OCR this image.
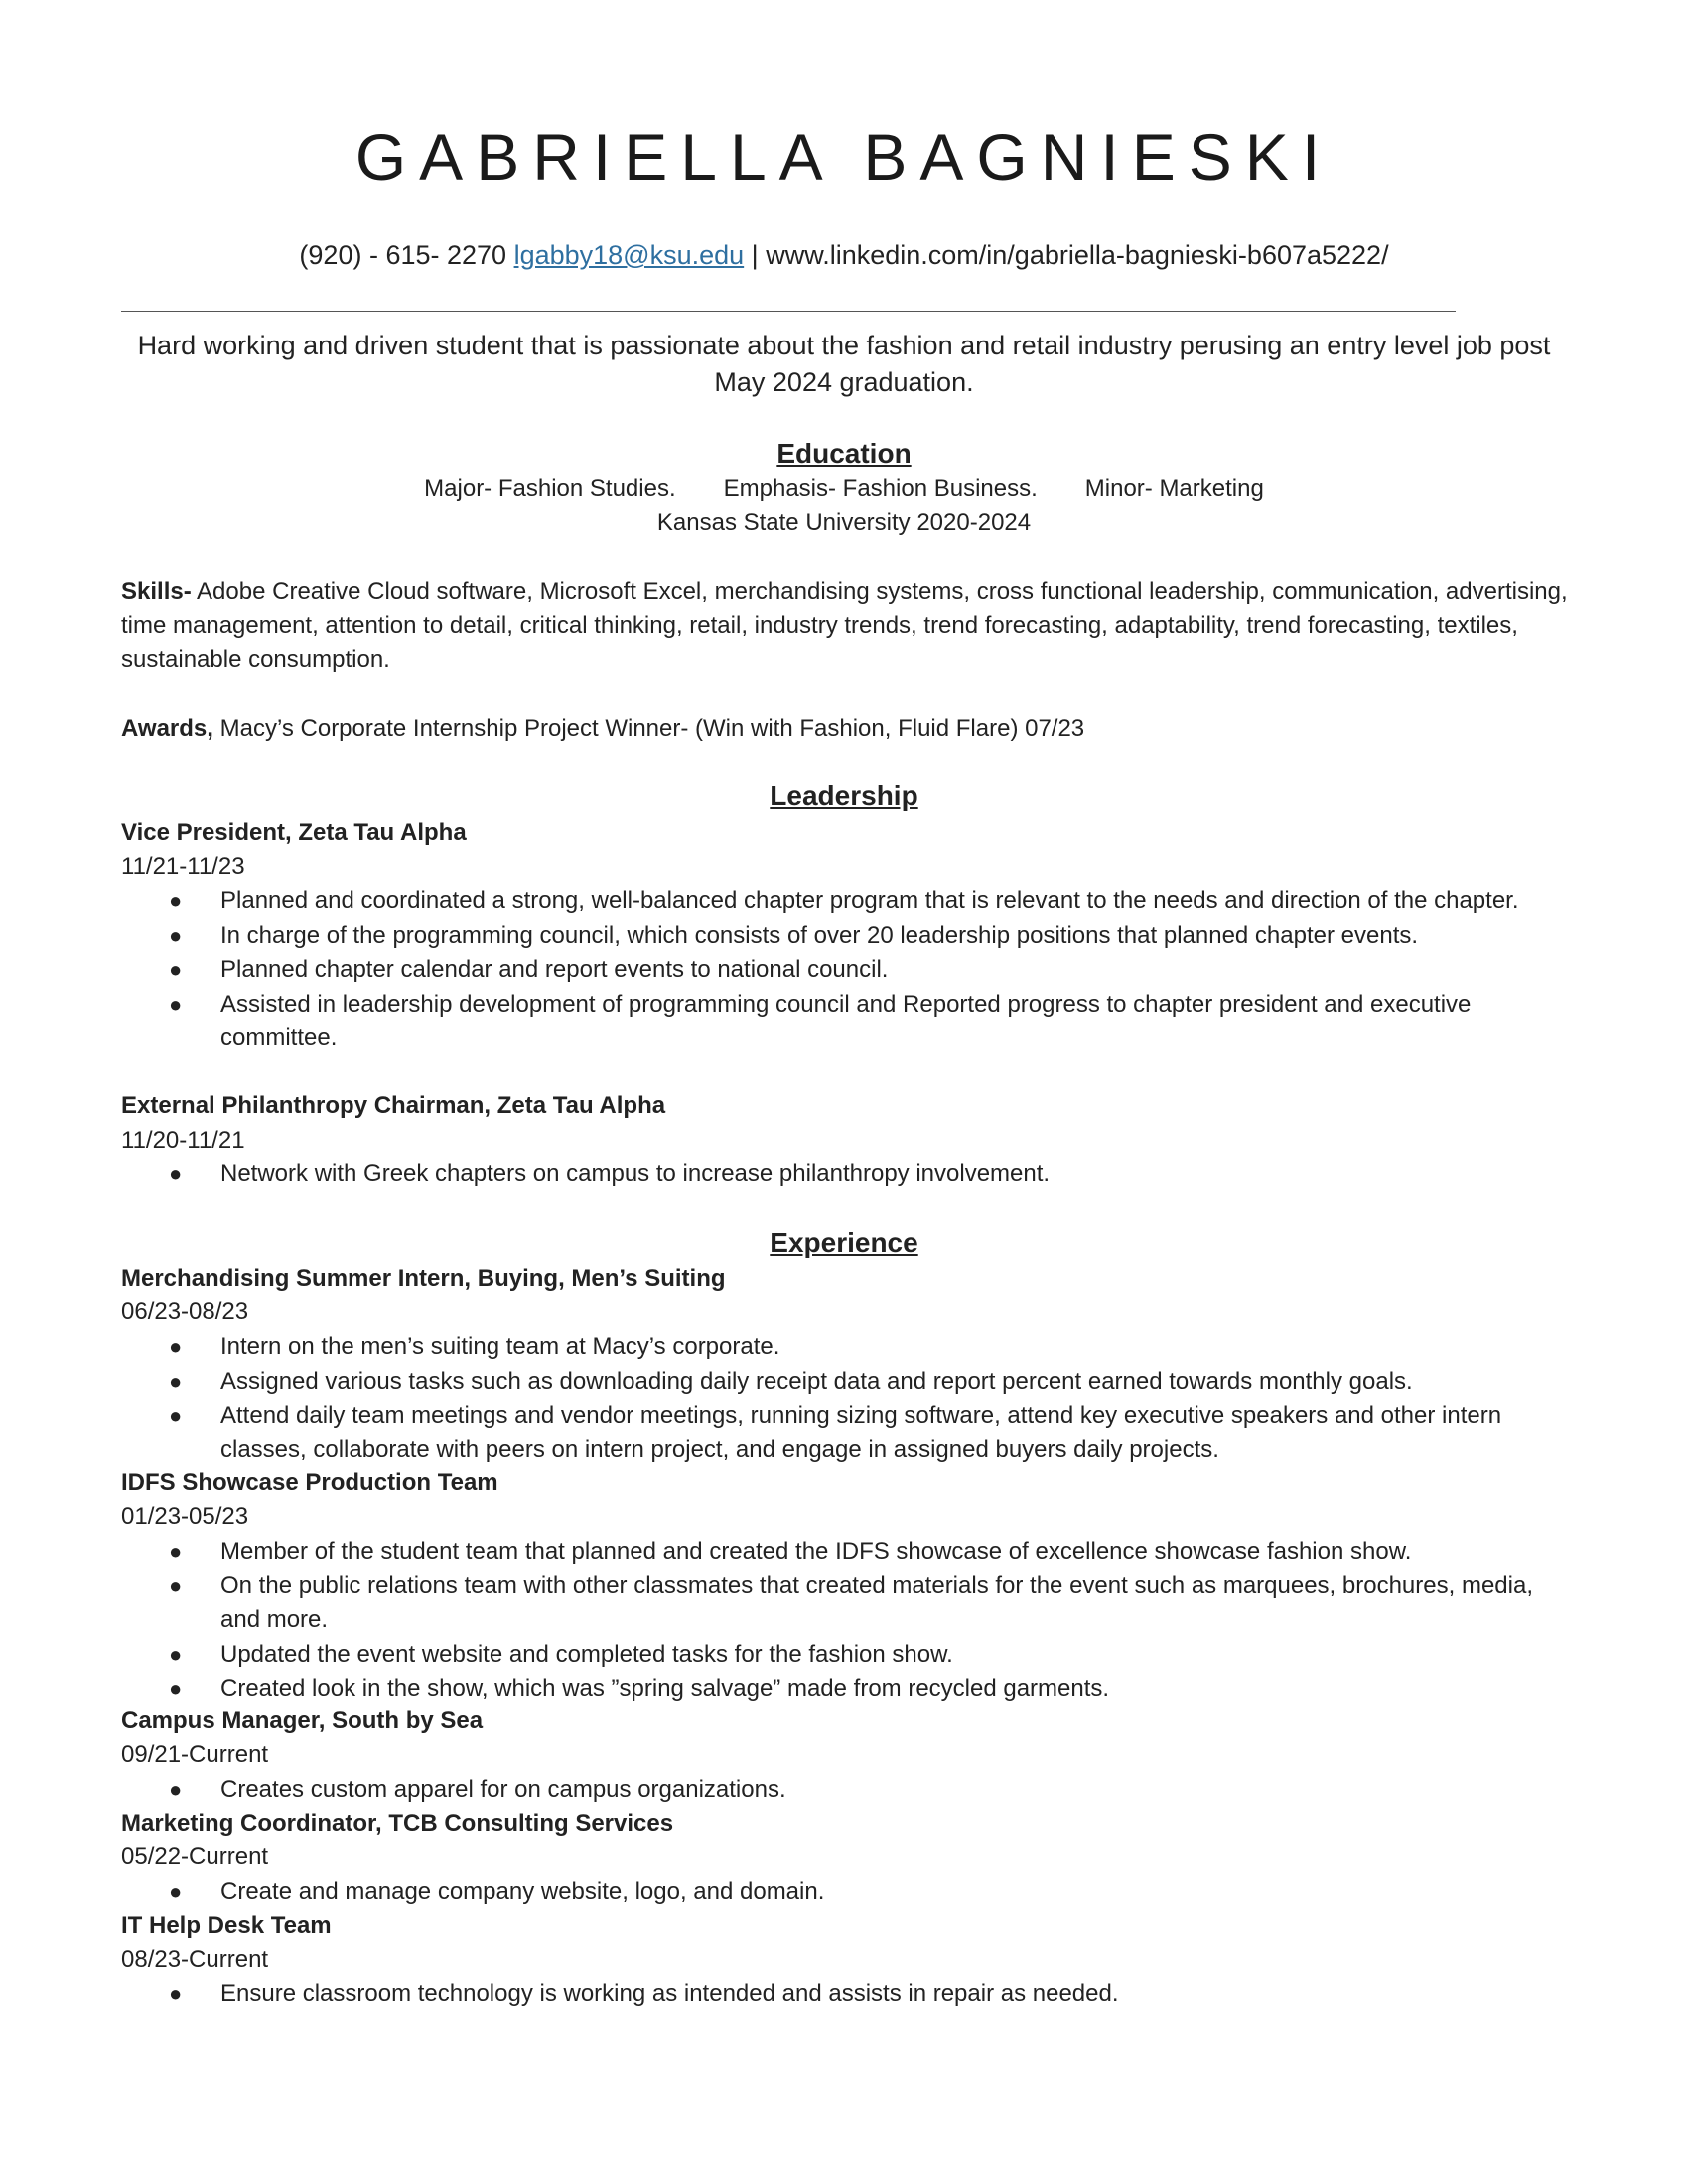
GABRIELLA BAGNIESKI
(920) - 615- 2270 lgabby18@ksu.edu | www.linkedin.com/in/gabriella-bagnieski-b607a5222/
Hard working and driven student that is passionate about the fashion and retail industry perusing an entry level job post May 2024 graduation.
Education
Major- Fashion Studies. Emphasis- Fashion Business. Minor- Marketing
Kansas State University 2020-2024
Skills- Adobe Creative Cloud software, Microsoft Excel, merchandising systems, cross functional leadership, communication, advertising, time management, attention to detail, critical thinking, retail, industry trends, trend forecasting, adaptability, trend forecasting, textiles, sustainable consumption.
Awards, Macy’s Corporate Internship Project Winner- (Win with Fashion, Fluid Flare) 07/23
Leadership
Vice President, Zeta Tau Alpha
11/21-11/23
● Planned and coordinated a strong, well-balanced chapter program that is relevant to the needs and direction of the chapter.
● In charge of the programming council, which consists of over 20 leadership positions that planned chapter events.
● Planned chapter calendar and report events to national council.
● Assisted in leadership development of programming council and Reported progress to chapter president and executive committee.
External Philanthropy Chairman, Zeta Tau Alpha
11/20-11/21
● Network with Greek chapters on campus to increase philanthropy involvement.
Experience
Merchandising Summer Intern, Buying, Men’s Suiting
06/23-08/23
● Intern on the men’s suiting team at Macy’s corporate.
● Assigned various tasks such as downloading daily receipt data and report percent earned towards monthly goals.
● Attend daily team meetings and vendor meetings, running sizing software, attend key executive speakers and other intern classes, collaborate with peers on intern project, and engage in assigned buyers daily projects.
IDFS Showcase Production Team
01/23-05/23
● Member of the student team that planned and created the IDFS showcase of excellence showcase fashion show.
● On the public relations team with other classmates that created materials for the event such as marquees, brochures, media, and more.
● Updated the event website and completed tasks for the fashion show.
● Created look in the show, which was ”spring salvage” made from recycled garments.
Campus Manager, South by Sea
09/21-Current
● Creates custom apparel for on campus organizations.
Marketing Coordinator, TCB Consulting Services
05/22-Current
● Create and manage company website, logo, and domain.
IT Help Desk Team
08/23-Current
● Ensure classroom technology is working as intended and assists in repair as needed.
